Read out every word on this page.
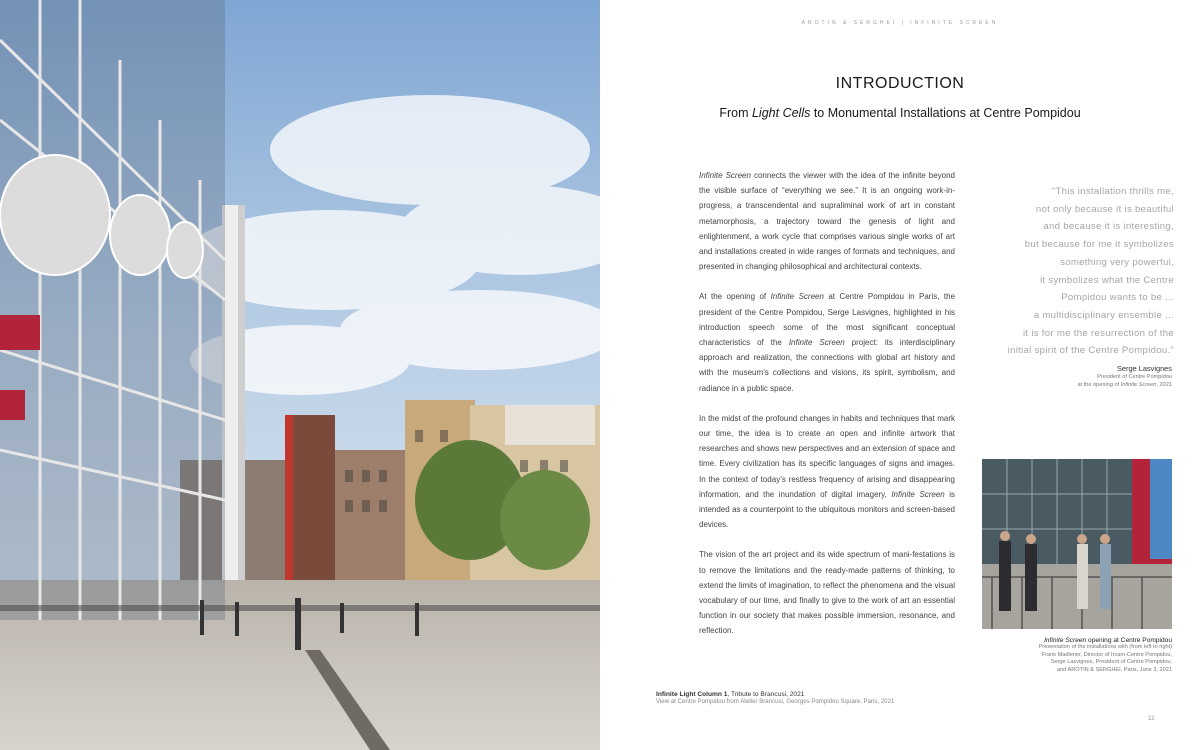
AROTIN & SERGHEI | INFINITE SCREEN
INTRODUCTION
From Light Cells to Monumental Installations at Centre Pompidou

Infinite Screen connects the viewer with the idea of the infinite beyond the visible surface of “everything we see.” It is an ongoing work-in-progress, a transcendental and supraliminal work of art in constant metamorphosis, a trajectory toward the genesis of light and enlightenment, a work cycle that comprises various single works of art and installations created in wide ranges of formats and techniques, and presented in changing philosophical and architectural contexts.

At the opening of Infinite Screen at Centre Pompidou in Paris, the president of the Centre Pompidou, Serge Lasvignes, highlighted in his introduction speech some of the most significant conceptual characteristics of the Infinite Screen project: its interdisciplinary approach and realization, the connections with global art history and with the museum’s collections and visions, its spirit, symbolism, and radiance in a public space.

In the midst of the profound changes in habits and techniques that mark our time, the idea is to create an open and infinite artwork that researches and shows new perspectives and an extension of space and time. Every civilization has its specific languages of signs and images. In the context of today’s restless frequency of arising and disappearing information, and the inundation of digital imagery, Infinite Screen is intended as a counterpoint to the ubiquitous monitors and screen-based devices.

The vision of the art project and its wide spectrum of mani-festations is to remove the limitations and the ready-made patterns of thinking, to extend the limits of imagination, to reflect the phenomena and the visual vocabulary of our time, and finally to give to the work of art an essential function in our society that makes possible immersion, resonance, and reflection.

“This installation thrills me,
not only because it is beautiful
and because it is interesting,
but because for me it symbolizes
something very powerful,
it symbolizes what the Centre
Pompidou wants to be ...
a multidisciplinary ensemble ...
it is for me the resurrection of the
initial spirit of the Centre Pompidou.”
Serge Lasvignes
President of Centre Pompidou
at the opening of Infinite Screen, 2021
Infinite Screen opening at Centre Pompidou
Presentation of the installations with (from left to right)
Frank Madlener, Director of Ircam-Centre Pompidou,
Serge Lasvignes, President of Centre Pompidou,
and AROTIN & SERGHEI, Paris, June 3, 2021
Infinite Light Column 1, Tribute to Brancusi, 2021
View at Centre Pompidou from Atelier Brancusi, Georges Pompidou Square, Paris, 2021
11
